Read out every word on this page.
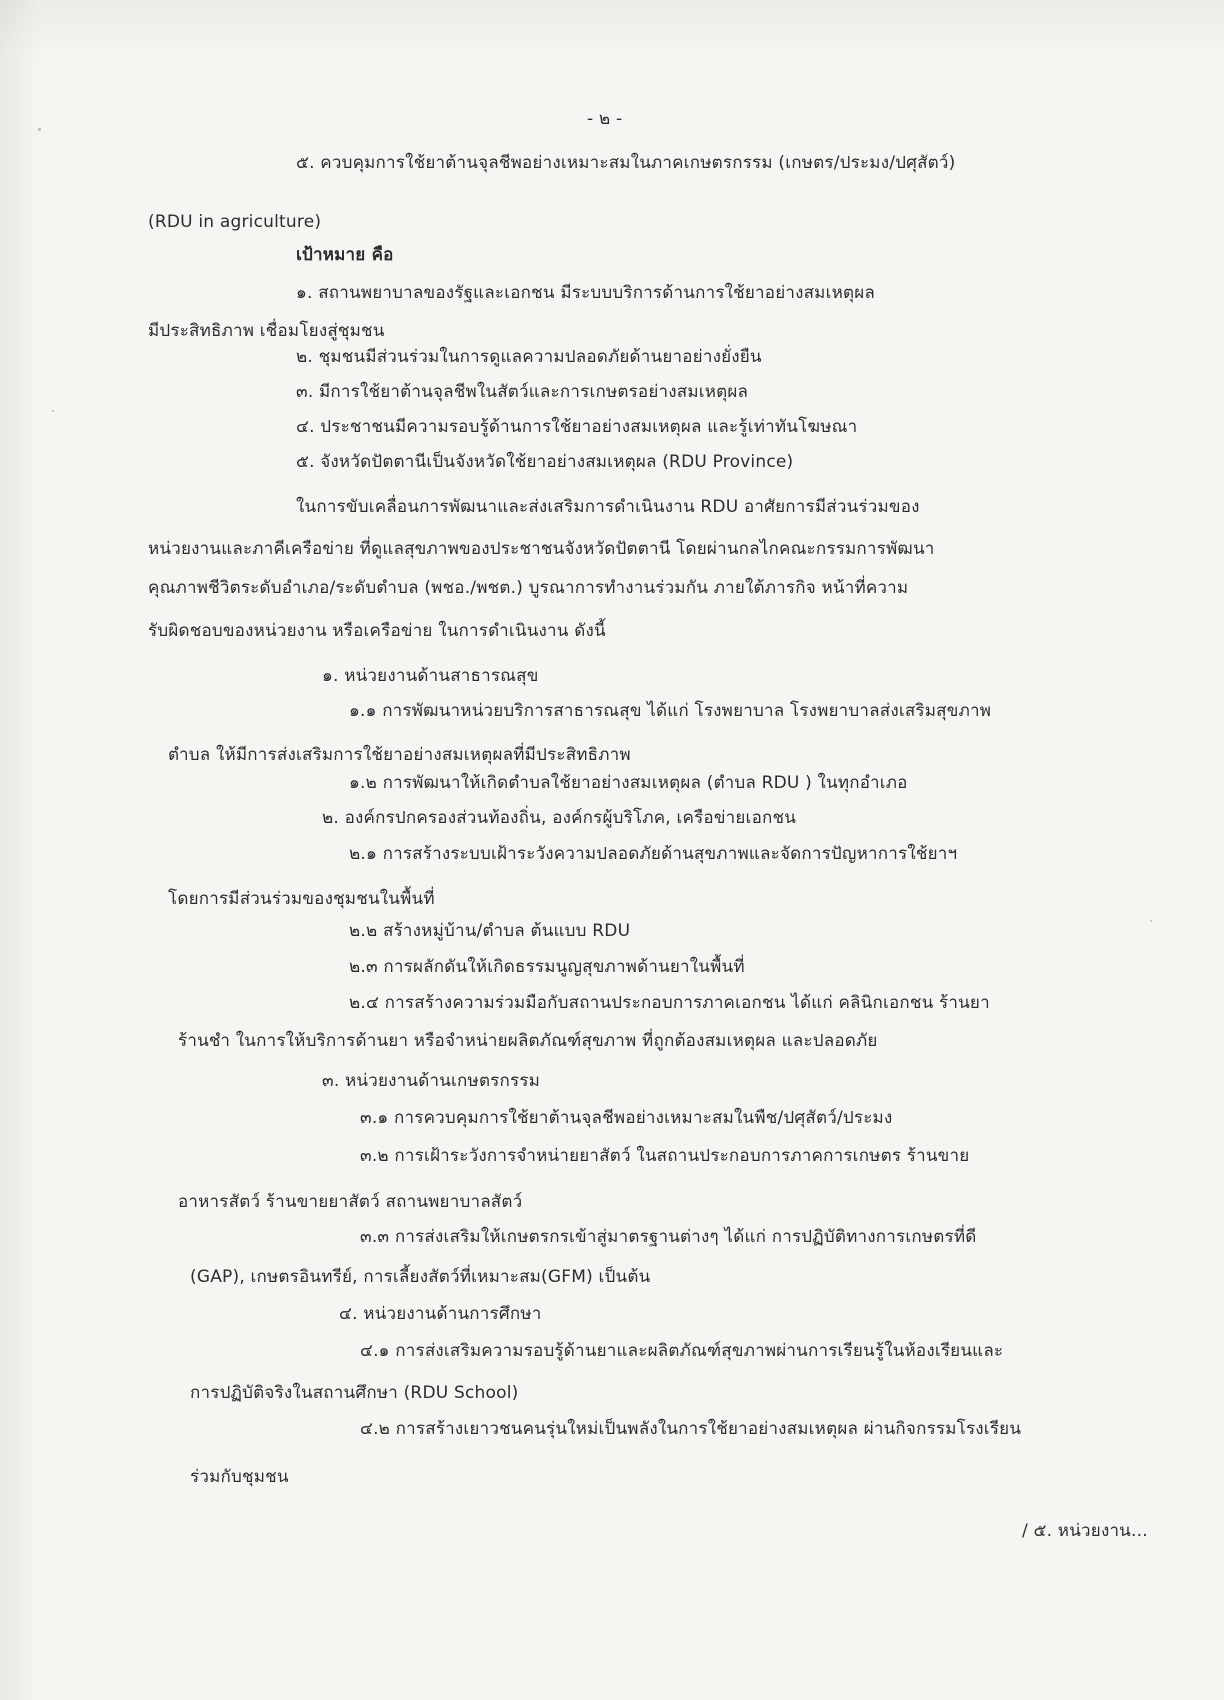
- ๒ -
๕. ควบคุมการใช้ยาต้านจุลชีพอย่างเหมาะสมในภาคเกษตรกรรม (เกษตร/ประมง/ปศุสัตว์)
(RDU in agriculture)
เป้าหมาย คือ
๑. สถานพยาบาลของรัฐและเอกชน มีระบบบริการด้านการใช้ยาอย่างสมเหตุผล
มีประสิทธิภาพ เชื่อมโยงสู่ชุมชน
๒. ชุมชนมีส่วนร่วมในการดูแลความปลอดภัยด้านยาอย่างยั่งยืน
๓. มีการใช้ยาต้านจุลชีพในสัตว์และการเกษตรอย่างสมเหตุผล
๔. ประชาชนมีความรอบรู้ด้านการใช้ยาอย่างสมเหตุผล และรู้เท่าทันโฆษณา
๕. จังหวัดปัตตานีเป็นจังหวัดใช้ยาอย่างสมเหตุผล (RDU Province)
ในการขับเคลื่อนการพัฒนาและส่งเสริมการดำเนินงาน RDU อาศัยการมีส่วนร่วมของ
หน่วยงานและภาคีเครือข่าย ที่ดูแลสุขภาพของประชาชนจังหวัดปัตตานี โดยผ่านกลไกคณะกรรมการพัฒนา
คุณภาพชีวิตระดับอำเภอ/ระดับตำบล (พชอ./พชต.) บูรณาการทำงานร่วมกัน ภายใต้ภารกิจ หน้าที่ความ
รับผิดชอบของหน่วยงาน หรือเครือข่าย ในการดำเนินงาน ดังนี้
๑. หน่วยงานด้านสาธารณสุข
๑.๑ การพัฒนาหน่วยบริการสาธารณสุข ได้แก่ โรงพยาบาล โรงพยาบาลส่งเสริมสุขภาพ
ตำบล ให้มีการส่งเสริมการใช้ยาอย่างสมเหตุผลที่มีประสิทธิภาพ
๑.๒ การพัฒนาให้เกิดตำบลใช้ยาอย่างสมเหตุผล (ตำบล RDU ) ในทุกอำเภอ
๒. องค์กรปกครองส่วนท้องถิ่น, องค์กรผู้บริโภค, เครือข่ายเอกชน
๒.๑ การสร้างระบบเฝ้าระวังความปลอดภัยด้านสุขภาพและจัดการปัญหาการใช้ยาฯ
โดยการมีส่วนร่วมของชุมชนในพื้นที่
๒.๒ สร้างหมู่บ้าน/ตำบล ต้นแบบ RDU
๒.๓ การผลักดันให้เกิดธรรมนูญสุขภาพด้านยาในพื้นที่
๒.๔ การสร้างความร่วมมือกับสถานประกอบการภาคเอกชน ได้แก่ คลินิกเอกชน ร้านยา
ร้านชำ ในการให้บริการด้านยา หรือจำหน่ายผลิตภัณฑ์สุขภาพ ที่ถูกต้องสมเหตุผล และปลอดภัย
๓. หน่วยงานด้านเกษตรกรรม
๓.๑ การควบคุมการใช้ยาต้านจุลชีพอย่างเหมาะสมในพืช/ปศุสัตว์/ประมง
๓.๒ การเฝ้าระวังการจำหน่ายยาสัตว์ ในสถานประกอบการภาคการเกษตร ร้านขาย
อาหารสัตว์ ร้านขายยาสัตว์ สถานพยาบาลสัตว์
๓.๓ การส่งเสริมให้เกษตรกรเข้าสู่มาตรฐานต่างๆ ได้แก่ การปฏิบัติทางการเกษตรที่ดี
(GAP), เกษตรอินทรีย์, การเลี้ยงสัตว์ที่เหมาะสม(GFM) เป็นต้น
๔. หน่วยงานด้านการศึกษา
๔.๑ การส่งเสริมความรอบรู้ด้านยาและผลิตภัณฑ์สุขภาพผ่านการเรียนรู้ในห้องเรียนและ
การปฏิบัติจริงในสถานศึกษา (RDU School)
๔.๒ การสร้างเยาวชนคนรุ่นใหม่เป็นพลังในการใช้ยาอย่างสมเหตุผล ผ่านกิจกรรมโรงเรียน
ร่วมกับชุมชน
/ ๕. หน่วยงาน...
